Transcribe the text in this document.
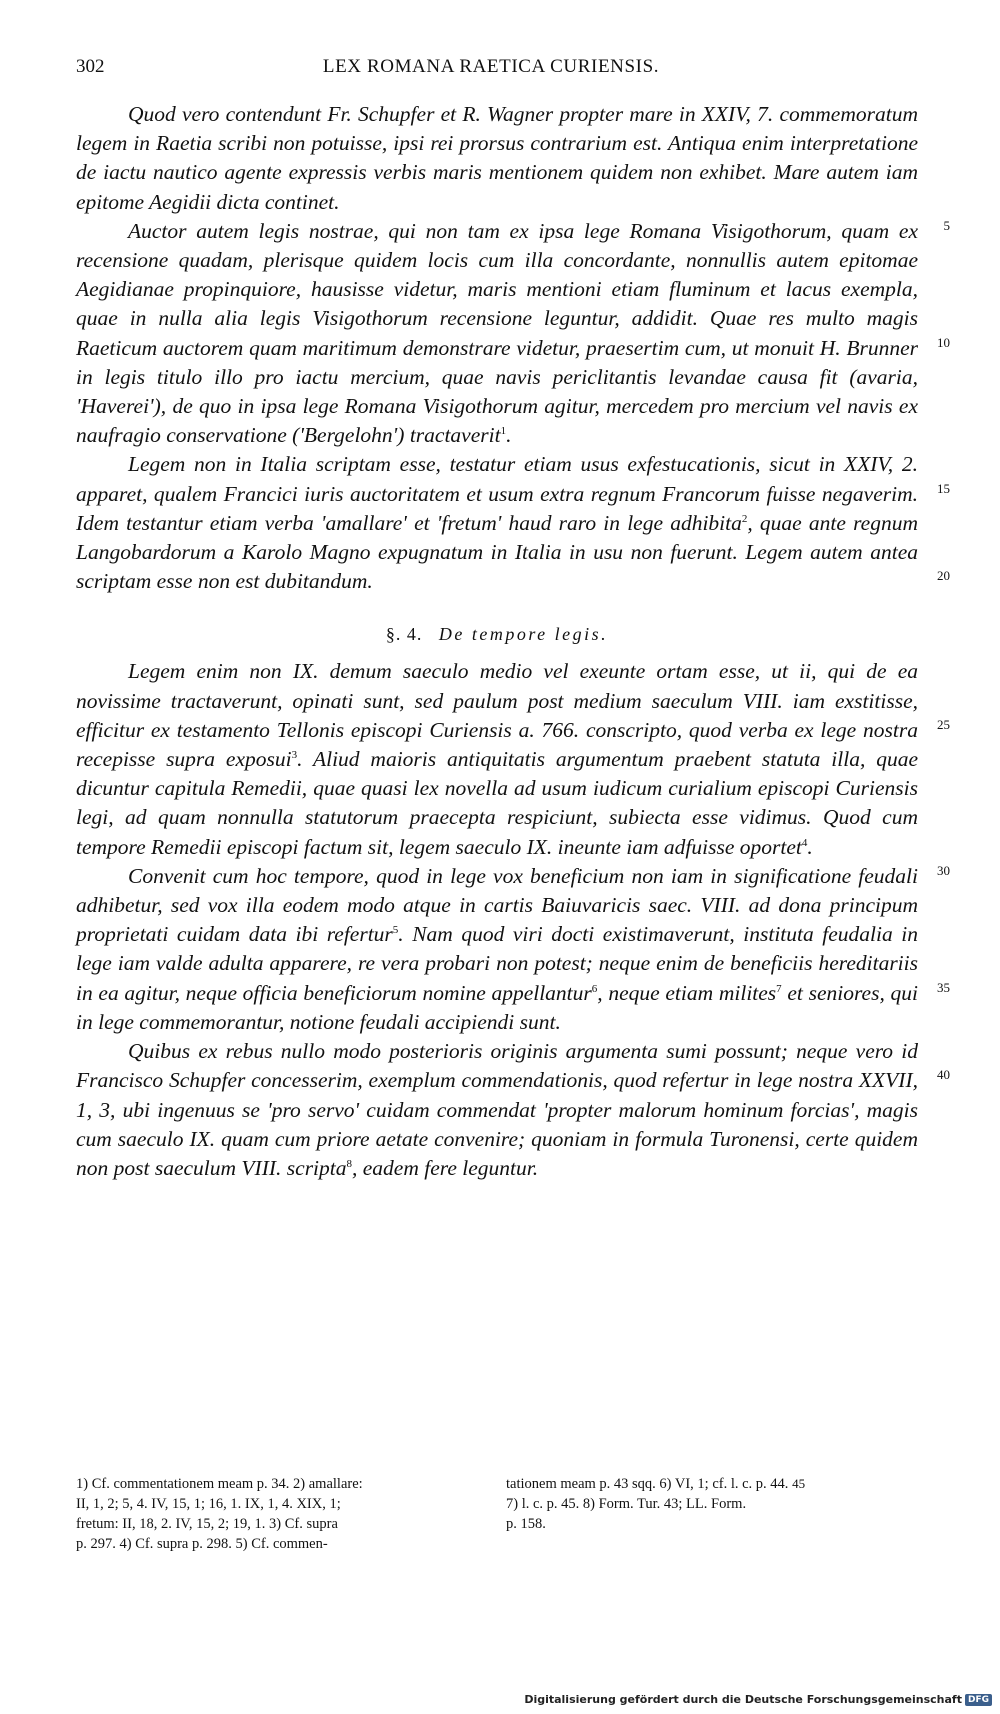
302	LEX ROMANA RAETICA CURIENSIS.
Quod vero contendunt Fr. Schupfer et R. Wagner propter mare in XXIV, 7. commemoratum legem in Raetia scribi non potuisse, ipsi rei prorsus contrarium est. Antiqua enim interpretatione de iactu nautico agente expressis verbis maris mentionem quidem non exhibet. Mare autem iam epitome Aegidii dicta continet.
5
Auctor autem legis nostrae, qui non tam ex ipsa lege Romana Visigothorum, quam ex recensione quadam, plerisque quidem locis cum illa concordante, nonnullis autem epitomae Aegidianae propinquiore, hausisse videtur, maris mentioni etiam fluminum et lacus exempla, quae in nulla alia legis Visigothorum recensione leguntur, addidit. Quae res multo magis Raeticum auctorem quam maritimum demonstrare videtur, praesertim cum, ut monuit H. Brunner in legis titulo illo pro iactu mercium, quae navis periclitantis levandae causa fit (avaria, 'Haverei'), de quo in ipsa lege Romana Visigothorum agitur, mercedem pro mercium vel navis ex naufragio conservatione ('Bergelohn') tractaverit$^1$.
10
15
Legem non in Italia scriptam esse, testatur etiam usus exfestucationis, sicut in XXIV, 2. apparet, qualem Francici iuris auctoritatem et usum extra regnum Francorum fuisse negaverim. Idem testantur etiam verba 'amallare' et 'fretum' haud raro in lege adhibita$^2$, quae ante regnum Langobardorum a Karolo Magno expugnatum in Italia in usu non fuerunt. Legem autem antea scriptam esse non est dubitandum.	20
§. 4. De tempore legis.
Legem enim non IX. demum saeculo medio vel exeunte ortam esse, ut ii, qui de ea novissime tractaverunt, opinati sunt, sed paulum post medium saeculum VIII. iam exstitisse, efficitur ex testamento Tellonis episcopi Curiensis a. 766. conscripto, quod verba ex lege nostra recepisse supra exposui$^3$. Aliud maioris antiquitatis argumentum praebent statuta illa, quae dicuntur capitula Remedii, quae quasi lex novella ad usum iudicum curialium episcopi Curiensis legi, ad quam nonnulla statutorum praecepta respiciunt, subiecta esse vidimus. Quod cum tempore Remedii episcopi factum sit, legem saeculo IX. ineunte iam adfuisse oportet$^4$.
25
30
Convenit cum hoc tempore, quod in lege vox beneficium non iam in significatione feudali adhibetur, sed vox illa eodem modo atque in cartis Baiuvaricis saec. VIII. ad dona principum proprietati cuidam data ibi refertur$^5$. Nam quod viri docti existimaverunt, instituta feudalia in lege iam valde adulta apparere, re vera probari non potest; neque enim de beneficiis hereditariis in ea agitur, neque officia beneficiorum nomine appellantur$^6$, neque etiam milites$^7$ et seniores, qui in lege commemorantur, notione feudali accipiendi sunt.
35
Quibus ex rebus nullo modo posterioris originis argumenta sumi possunt; neque vero id Francisco Schupfer concesserim, exemplum commendationis, quod refertur in lege nostra XXVII, 1, 3, ubi ingenuus se 'pro servo' cuidam commendat 'propter malorum hominum forcias', magis cum saeculo IX. quam cum priore aetate convenire; quoniam in formula Turonensi, certe quidem non post saeculum VIII. scripta$^8$, eadem fere leguntur.
40
1) Cf. commentationem meam p. 34. 2) amallare:
II, 1, 2; 5, 4. IV, 15, 1; 16, 1. IX, 1, 4. XIX, 1;
fretum: II, 18, 2. IV, 15, 2; 19, 1. 3) Cf. supra
p. 297. 4) Cf. supra p. 298. 5) Cf. commen-
tationem meam p. 43 sqq. 6) VI, 1; cf. l. c. p. 44. 45
7) l. c. p. 45. 8) Form. Tur. 43; LL. Form.
p. 158.
Digitalisierung gefördert durch die Deutsche Forschungsgemeinschaft DFG
